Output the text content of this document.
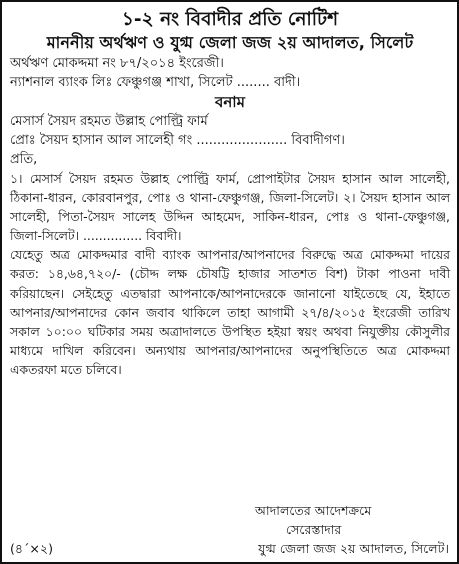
১-২ নং বিবাদীর প্রতি নোটিশ
মাননীয় অর্থঋণ ও যুগ্ম জেলা জজ ২য় আদালত, সিলেট
অর্থঋণ মোকদ্দমা নং ৮৭/২০১৪ ইংরেজী।
ন্যাশনাল ব্যাংক লিঃ ফেঞ্চুগঞ্জ শাখা, সিলেট ........ বাদী।
বনাম
মেসার্স সৈয়দ রহমত উল্লাহ পোল্ট্রি ফার্ম
প্রোঃ সৈয়দ হাসান আল সালেহী গং ...................... বিবাদীগণ।
প্রতি,

১। মেসার্স সৈয়দ রহমত উল্লাহ পোল্ট্রি ফার্ম, প্রোপাইটার সৈয়দ হাসান আল সালেহী, ঠিকানা-ধারন, কোরবানপুর, পোঃ ও থানা-ফেঞ্চুগঞ্জ, জিলা-সিলেট। ২। সৈয়দ হাসান আল সালেহী, পিতা-সৈয়দ সালেহ উদ্দিন আহমেদ, সাকিন-ধারন, পোঃ ও থানা-ফেঞ্চুগঞ্জ, জিলা-সিলেট। ............... বিবাদী।

যেহেতু অত্র মোকদ্দমার বাদী ব্যাংক আপনার/আপনাদের বিরুদ্ধে অত্র মোকদ্দমা দায়ের করত: ১৪,৬৪,৭২০/- (চৌদ্দ লক্ষ চৌষট্টি হাজার সাতশত বিশ) টাকা পাওনা দাবী করিয়াছেন। সেইহেতু এতদ্বারা আপনাকে/আপনাদেরকে জানানো যাইতেছে যে, ইহাতে আপনার/আপনাদের কোন জবাব থাকিলে তাহা আগামী ২৭/৪/২০১৫ ইংরেজী তারিখ সকাল ১০:০০ ঘটিকার সময় অত্রাদালতে উপস্থিত হইয়া স্বয়ং অথবা নিযুক্তীয় কৌসুলীর মাধ্যমে দাখিল করিবেন। অন্যথায় আপনার/আপনাদের অনুপস্থিতিতে অত্র মোকদ্দমা একতরফা মতে চলিবে।

আদালতের আদেশক্রমে
সেরেস্তাদার
(৪´×২)	যুগ্ম জেলা জজ ২য় আদালত, সিলেট।
